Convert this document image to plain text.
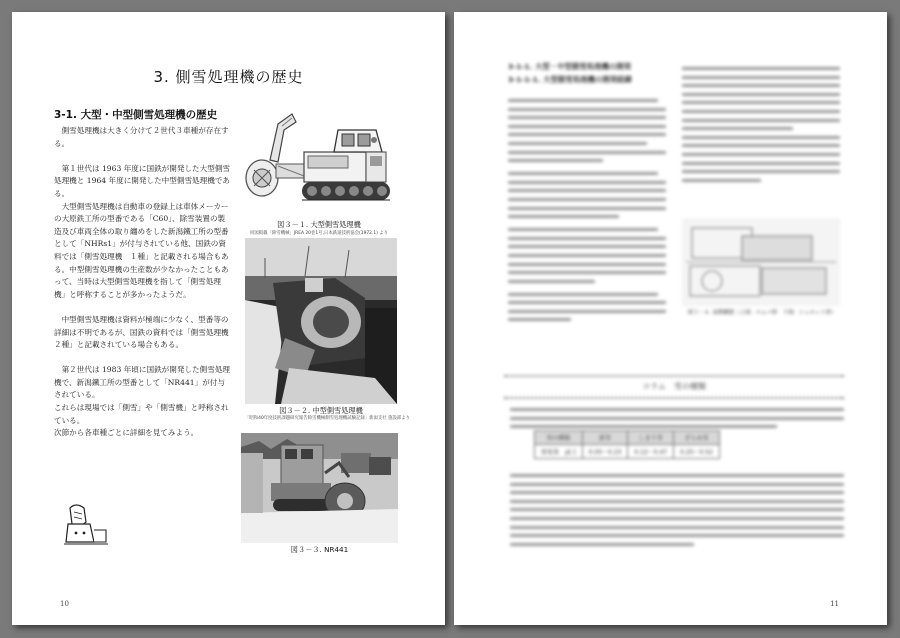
3. 側雪処理機の歴史
3-1. 大型・中型側雪処理機の歴史

側雪処理機は大きく分けて２世代３車種が存在する。

第１世代は 1963 年度に国鉄が開発した大型側雪処理機と 1964 年度に開発した中型側雪処理機である。

大型側雪処理機は自動車の登録上は車体メーカーの大原鉄工所の型番である「C60」、除雪装置の製造及び車両全体の取り纏めをした新潟鐵工所の型番として「NHRs1」が付与されている他、国鉄の資料では「側雪処理機　１種」と記載される場合もある。中型側雪処理機の生産数が少なかったこともあって、当時は大型側雪処理機を指して「側雪処理機」と呼称することが多かったようだ。

中型側雪処理機は資料が極端に少なく、型番等の詳細は不明であるが、国鉄の資料では「側雪処理機　２種」と記載されている場合もある。

第２世代は 1983 年頃に国鉄が開発した側雪処理機で、新潟鐵工所の型番として「NR441」が付与されている。

これらは現場では「側雪」や「側雪機」と呼称されている。

次節から各車種ごとに詳細を見てみよう。

図３－１. 大型側雪処理機
同図掲載「除雪機械」JREA 20巻1号,日本鉄道技術協会(1972.1) より
図３－２. 中型側雪処理機
「昭和40年度技術課題研究報告除雪機械側雪処理機試験記録」新潟支社 施設部より
図３－３. NR441
10
3-1-1. 大型・中型側雪処理機の開発
3-1-1-1. 大型側雪処理機の開発経緯
図３－４. 初期構想（上図：ロムバ形　下図：シュエット形）
コラム　雪の種類
雪の種類	新雪	しまり雪	ざらめ雪
密度量　ρ[-]	0.05～0.23	0.12～0.47	0.25～0.52
11
